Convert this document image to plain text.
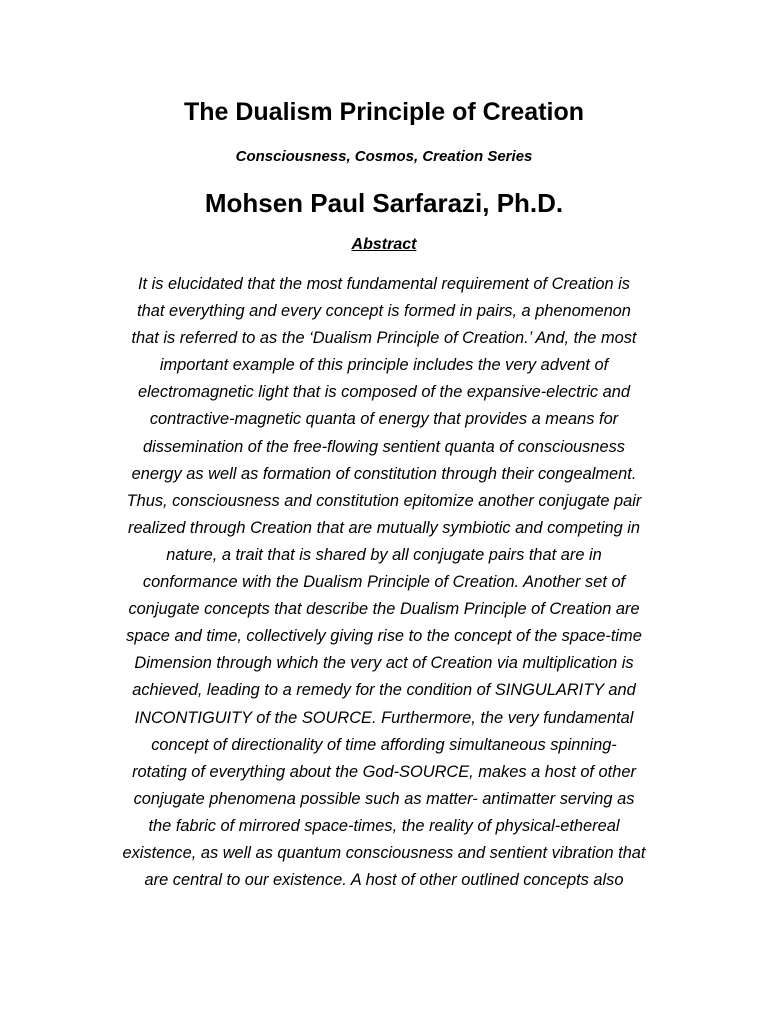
The Dualism Principle of Creation
Consciousness, Cosmos, Creation Series
Mohsen Paul Sarfarazi, Ph.D.
Abstract
It is elucidated that the most fundamental requirement of Creation is
that everything and every concept is formed in pairs, a phenomenon
that is referred to as the ‘Dualism Principle of Creation.’ And, the most
important example of this principle includes the very advent of
electromagnetic light that is composed of the expansive-electric and
contractive-magnetic quanta of energy that provides a means for
dissemination of the free-flowing sentient quanta of consciousness
energy as well as formation of constitution through their congealment.
Thus, consciousness and constitution epitomize another conjugate pair
realized through Creation that are mutually symbiotic and competing in
nature, a trait that is shared by all conjugate pairs that are in
conformance with the Dualism Principle of Creation. Another set of
conjugate concepts that describe the Dualism Principle of Creation are
space and time, collectively giving rise to the concept of the space-time
Dimension through which the very act of Creation via multiplication is
achieved, leading to a remedy for the condition of SINGULARITY and
INCONTIGUITY of the SOURCE. Furthermore, the very fundamental
concept of directionality of time affording simultaneous spinning-
rotating of everything about the God-SOURCE, makes a host of other
conjugate phenomena possible such as matter- antimatter serving as
the fabric of mirrored space-times, the reality of physical-ethereal
existence, as well as quantum consciousness and sentient vibration that
are central to our existence. A host of other outlined concepts also
